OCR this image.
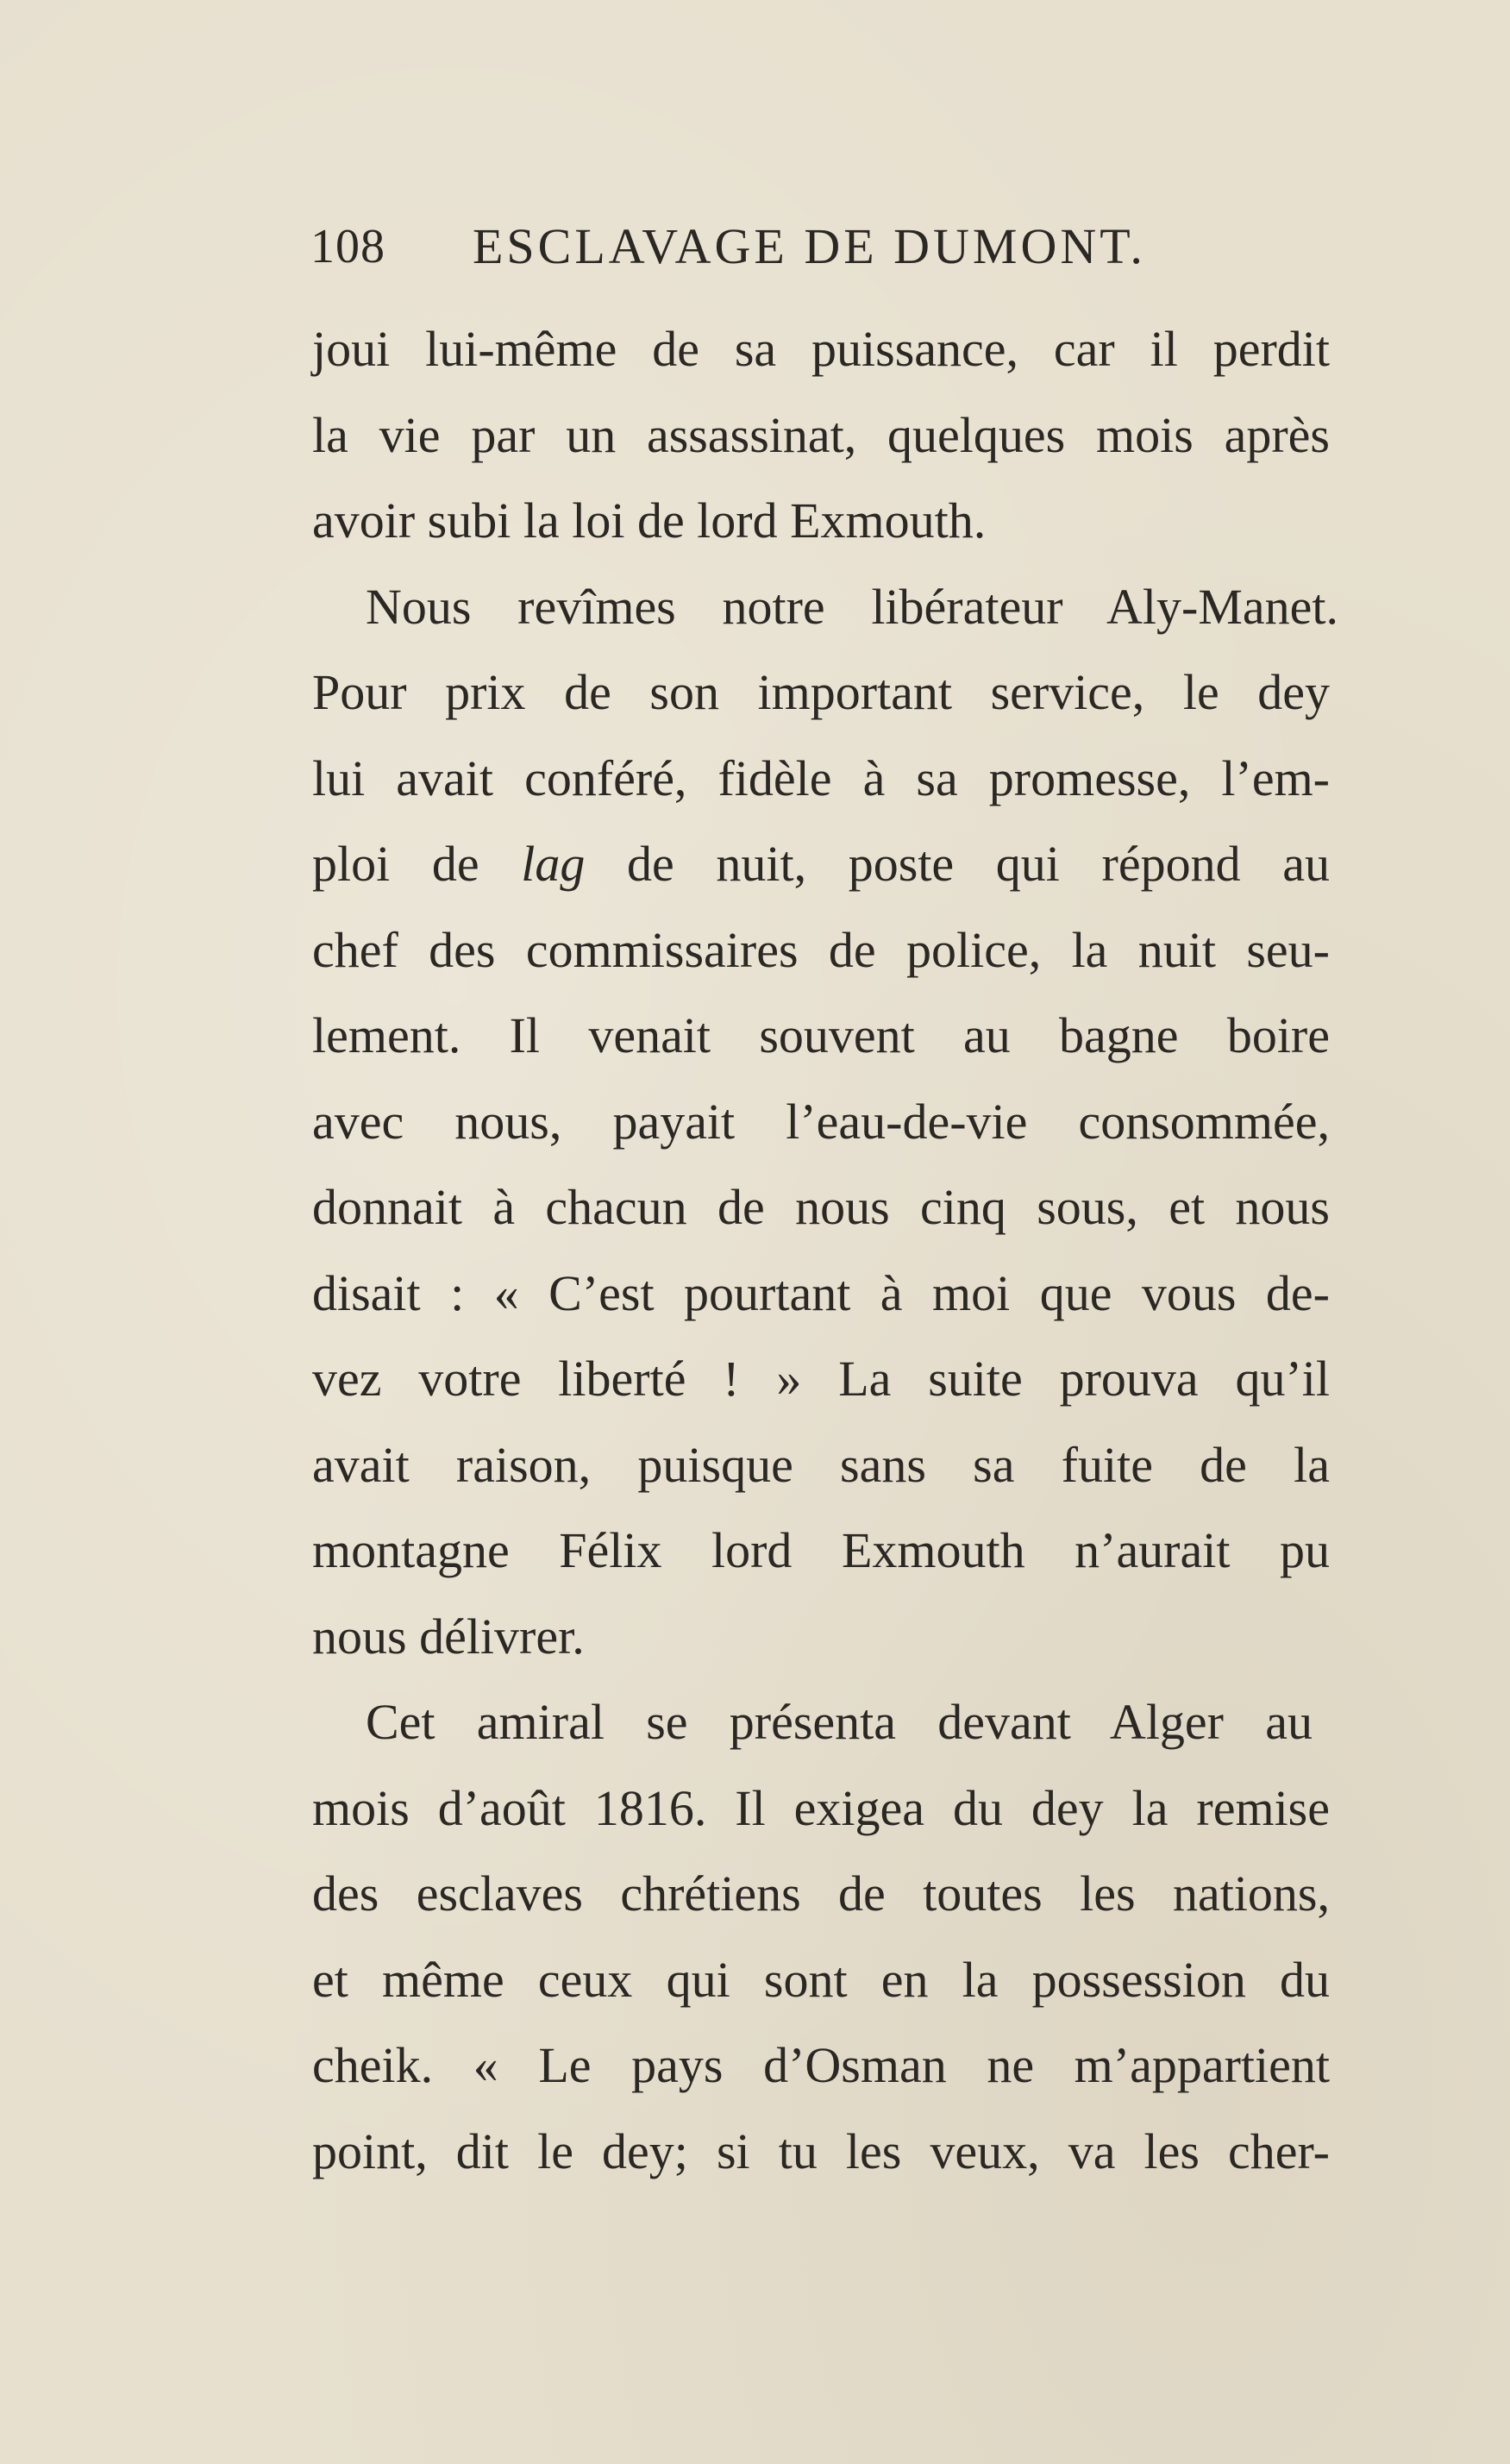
108 ESCLAVAGE DE DUMONT.
joui lui-même de sa puissance, car il perdit
la vie par un assassinat, quelques mois après
avoir subi la loi de lord Exmouth.
Nous revîmes notre libérateur Aly-Manet.
Pour prix de son important service, le dey
lui avait conféré, fidèle à sa promesse, l’em-
ploi de lag de nuit, poste qui répond au
chef des commissaires de police, la nuit seu-
lement. Il venait souvent au bagne boire
avec nous, payait l’eau-de-vie consommée,
donnait à chacun de nous cinq sous, et nous
disait : « C’est pourtant à moi que vous de-
vez votre liberté ! » La suite prouva qu’il
avait raison, puisque sans sa fuite de la
montagne Félix lord Exmouth n’aurait pu
nous délivrer.
Cet amiral se présenta devant Alger au
mois d’août 1816. Il exigea du dey la remise
des esclaves chrétiens de toutes les nations,
et même ceux qui sont en la possession du
cheik. « Le pays d’Osman ne m’appartient
point, dit le dey; si tu les veux, va les cher-
